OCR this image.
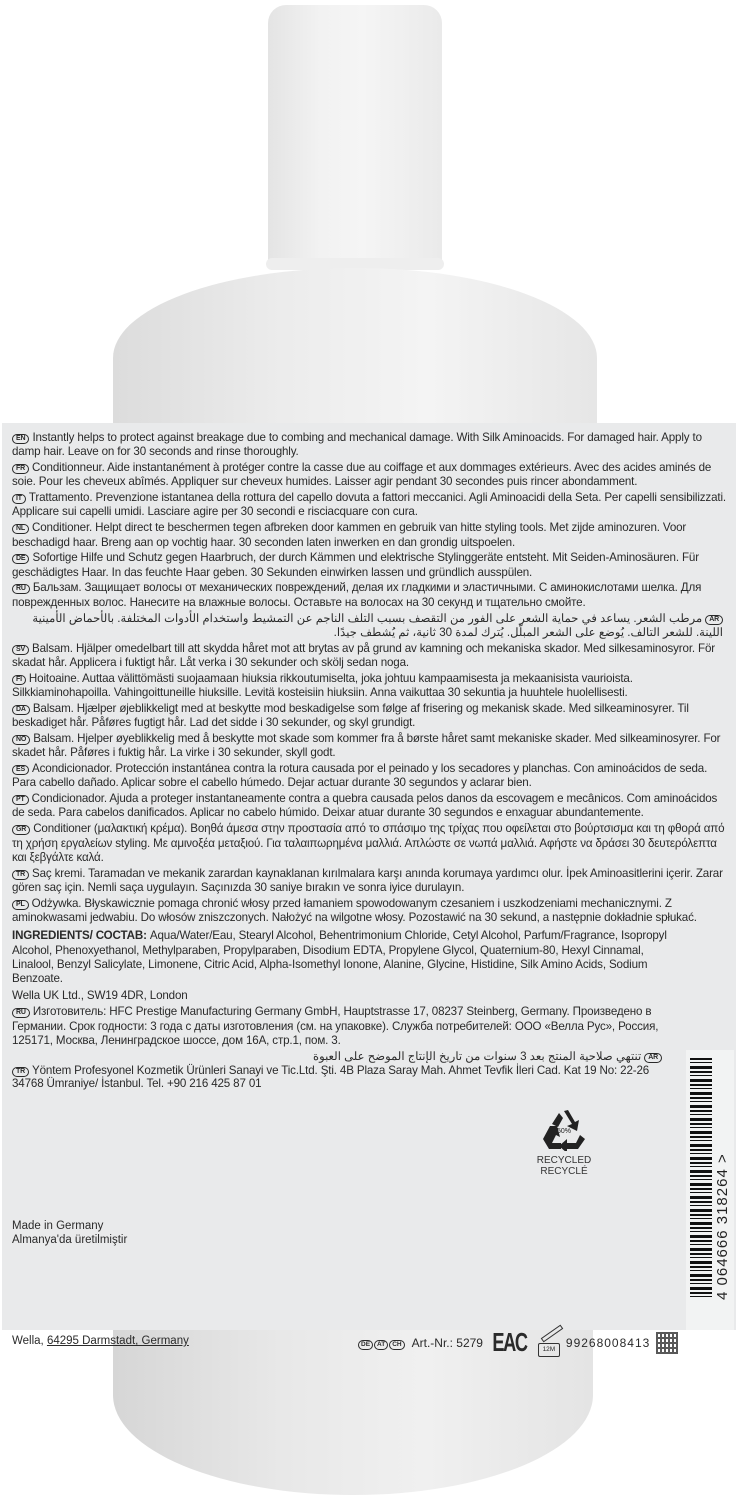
EN Instantly helps to protect against breakage due to combing and mechanical damage. With Silk Aminoacids. For damaged hair. Apply to damp hair. Leave on for 30 seconds and rinse thoroughly.

FR Conditionneur. Aide instantanément à protéger contre la casse due au coiffage et aux dommages extérieurs. Avec des acides aminés de soie. Pour les cheveux abîmés. Appliquer sur cheveux humides. Laisser agir pendant 30 secondes puis rincer abondamment.

IT Trattamento. Prevenzione istantanea della rottura del capello dovuta a fattori meccanici. Agli Aminoacidi della Seta. Per capelli sensibilizzati. Applicare sui capelli umidi. Lasciare agire per 30 secondi e risciacquare con cura.

NL Conditioner. Helpt direct te beschermen tegen afbreken door kammen en gebruik van hitte styling tools. Met zijde aminozuren. Voor beschadigd haar. Breng aan op vochtig haar. 30 seconden laten inwerken en dan grondig uitspoelen.

DE Sofortige Hilfe und Schutz gegen Haarbruch, der durch Kämmen und elektrische Stylinggeräte entsteht. Mit Seiden-Aminosäuren. Für geschädigtes Haar. In das feuchte Haar geben. 30 Sekunden einwirken lassen und gründlich ausspülen.

RU Бальзам. Защищает волосы от механических повреждений, делая их гладкими и эластичными. С аминокислотами шелка. Для поврежденных волос. Нанесите на влажные волосы. Оставьте на волосах на 30 секунд и тщательно смойте.

ARمرطب الشعر. يساعد في حماية الشعر على الفور من التقصف بسبب التلف الناجم عن التمشيط واستخدام الأدوات المختلفة. بالأحماض الأمينية اللينة. للشعر التالف. يُوضع على الشعر المبلّل. يُترك لمدة 30 ثانية، ثم يُشطف جيدًا.

SV Balsam. Hjälper omedelbart till att skydda håret mot att brytas av på grund av kamning och mekaniska skador. Med silkesaminosyror. För skadat hår. Applicera i fuktigt hår. Låt verka i 30 sekunder och skölj sedan noga.

FI Hoitoaine. Auttaa välittömästi suojaamaan hiuksia rikkoutumiselta, joka johtuu kampaamisesta ja mekaanisista vaurioista. Silkkiaminohapoilla. Vahingoittuneille hiuksille. Levitä kosteisiin hiuksiin. Anna vaikuttaa 30 sekuntia ja huuhtele huolellisesti.

DA Balsam. Hjælper øjeblikkeligt med at beskytte mod beskadigelse som følge af frisering og mekanisk skade. Med silkeaminosyrer. Til beskadiget hår. Påføres fugtigt hår. Lad det sidde i 30 sekunder, og skyl grundigt.

NO Balsam. Hjelper øyeblikkelig med å beskytte mot skade som kommer fra å børste håret samt mekaniske skader. Med silkeaminosyrer. For skadet hår. Påføres i fuktig hår. La virke i 30 sekunder, skyll godt.

ES Acondicionador. Protección instantánea contra la rotura causada por el peinado y los secadores y planchas. Con aminoácidos de seda. Para cabello dañado. Aplicar sobre el cabello húmedo. Dejar actuar durante 30 segundos y aclarar bien.

PT Condicionador. Ajuda a proteger instantaneamente contra a quebra causada pelos danos da escovagem e mecânicos. Com aminoácidos de seda. Para cabelos danificados. Aplicar no cabelo húmido. Deixar atuar durante 30 segundos e enxaguar abundantemente.

GR Conditioner (μαλακτική κρέμα). Βοηθά άμεσα στην προστασία από το σπάσιμο της τρίχας που οφείλεται στο βούρτσισμα και τη φθορά από τη χρήση εργαλείων styling. Με αμινοξέα μεταξιού. Για ταλαιπωρημένα μαλλιά. Απλώστε σε νωπά μαλλιά. Αφήστε να δράσει 30 δευτερόλεπτα και ξεβγάλτε καλά.

TR Saç kremi. Taramadan ve mekanik zarardan kaynaklanan kırılmalara karşı anında korumaya yardımcı olur. İpek Aminoasitlerini içerir. Zarar gören saç için. Nemli saça uygulayın. Saçınızda 30 saniye bırakın ve sonra iyice durulayın.

PL Odżywka. Błyskawicznie pomaga chronić włosy przed łamaniem spowodowanym czesaniem i uszkodzeniami mechanicznymi. Z aminokwasami jedwabiu. Do włosów zniszczonych. Nałożyć na wilgotne włosy. Pozostawić na 30 sekund, a następnie dokładnie spłukać.

INGREDIENTS/ СОСТАВ: Aqua/Water/Eau, Stearyl Alcohol, Behentrimonium Chloride, Cetyl Alcohol, Parfum/Fragrance, Isopropyl Alcohol, Phenoxyethanol, Methylparaben, Propylparaben, Disodium EDTA, Propylene Glycol, Quaternium-80, Hexyl Cinnamal, Linalool, Benzyl Salicylate, Limonene, Citric Acid, Alpha-Isomethyl Ionone, Alanine, Glycine, Histidine, Silk Amino Acids, Sodium Benzoate.

Wella UK Ltd., SW19 4DR, London

RU Изготовитель: HFC Prestige Manufacturing Germany GmbH, Hauptstrasse 17, 08237 Steinberg, Germany. Произведено в Германии. Срок годности: 3 года с даты изготовления (см. на упаковке). Служба потребителей: ООО «Велла Рус», Россия, 125171, Москва, Ленинградское шоссе, дом 16А, стр.1, пом. 3.

ARتنتهي صلاحية المنتج بعد 3 سنوات من تاريخ الإنتاج الموضح على العبوة

TR Yöntem Profesyonel Kozmetik Ürünleri Sanayi ve Tic.Ltd. Şti. 4B Plaza Saray Mah. Ahmet Tevfik İleri Cad. Kat 19 No: 22-26 34768 Ümraniye/ İstanbul. Tel. +90 216 425 87 01

Made in Germany
Almanya'da üretilmiştir
50%
RECYCLED
RECYCLÉ	4 064666 318264 >
Wella, 64295 Darmstadt, Germany	DE AT CH Art.-Nr.: 5279 EAC	12M 99268008413
